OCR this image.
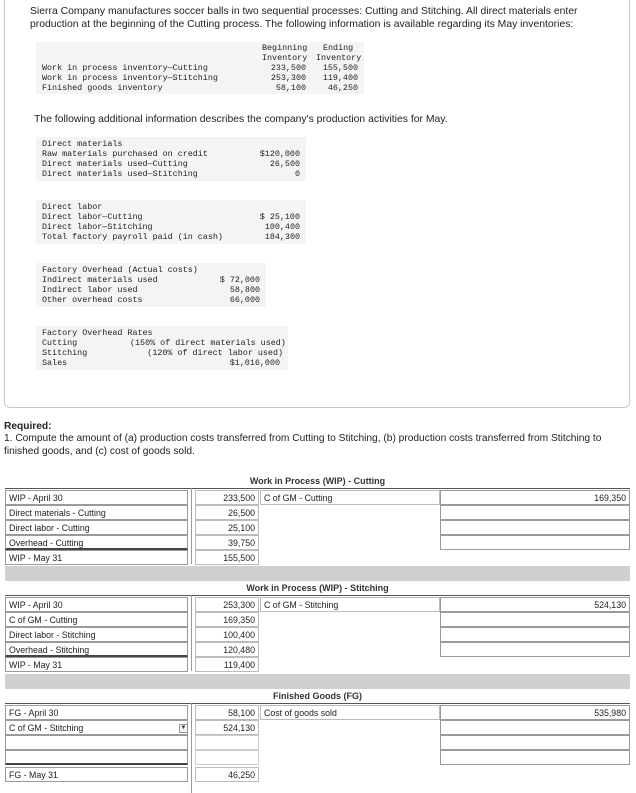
Sierra Company manufactures soccer balls in two sequential processes: Cutting and Stitching. All direct materials enter production at the beginning of the Cutting process. The following information is available regarding its May inventories:
Beginning Ending
Inventory Inventory
Work in process inventory—Cutting	233,500	155,500
Work in process inventory—Stitching	253,300	119,400
Finished goods inventory	58,100	46,250
The following additional information describes the company's production activities for May.
Direct materials
Raw materials purchased on credit	$120,000
Direct materials used—Cutting	26,500
Direct materials used—Stitching	0
Direct labor
Direct labor—Cutting	$ 25,100
Direct labor—Stitching	100,400
Total factory payroll paid (in cash)	184,300
Factory Overhead (Actual costs)
Indirect materials used	$ 72,000
Indirect labor used	58,800
Other overhead costs	66,000
Factory Overhead Rates
Cutting	(150% of direct materials used)
Stitching	(120% of direct labor used)
Sales	$1,016,000
Required:
1. Compute the amount of (a) production costs transferred from Cutting to Stitching, (b) production costs transferred from Stitching to finished goods, and (c) cost of goods sold.
Work in Process (WIP) - Cutting
WIP - April 30	233,500	C of GM - Cutting	169,350
Direct materials - Cutting	26,500
Direct labor - Cutting	25,100
Overhead - Cutting	39,750
WIP - May 31	155,500
Work in Process (WIP) - Stitching
WIP - April 30	253,300	C of GM - Stitching	524,130
C of GM - Cutting	169,350
Direct labor - Stitching	100,400
Overhead - Stitching	120,480
WIP - May 31	119,400
Finished Goods (FG)
FG - April 30	58,100	Cost of goods sold	535,980
C of GM - Stitching	▼	524,130
FG - May 31	46,250
